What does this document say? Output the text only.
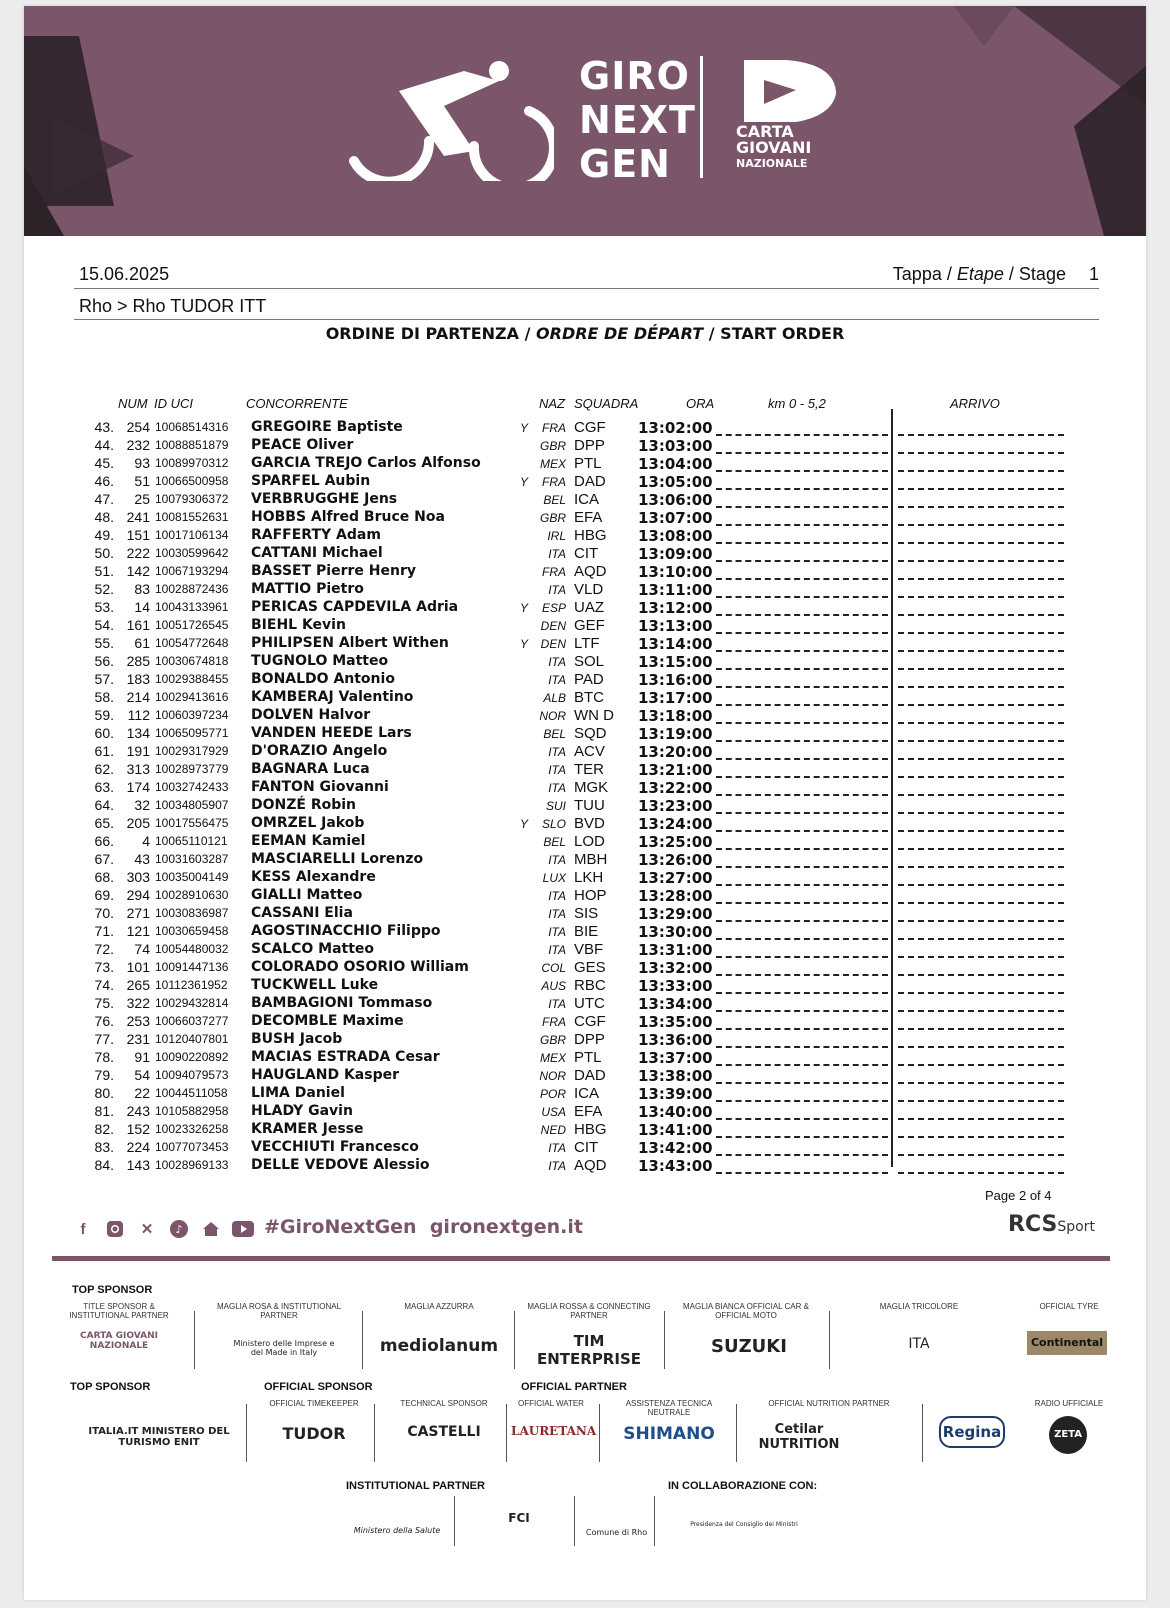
GIRO
NEXT
GEN
CARTA
GIOVANI
NAZIONALE
15.06.2025	Tappa / Etape / Stage 1
Rho > Rho TUDOR ITT
ORDINE DI PARTENZA / ORDRE DE DÉPART / START ORDER
NUM ID UCI	CONCORRENTE	NAZ SQUADRA	ORA	km 0 - 5,2	ARRIVO
43. 254 10068514316 GREGOIRE Baptiste	Y	FRA CGF 13:02:00
44. 232 10088851879 PEACE Oliver	GBR DPP 13:03:00
45.	93 10089970312 GARCIA TREJO Carlos Alfonso	MEX PTL 13:04:00
46.	51 10066500958 SPARFEL Aubin	Y	FRA DAD 13:05:00
47.	25 10079306372 VERBRUGGHE Jens	BEL ICA	13:06:00
48. 241 10081552631 HOBBS Alfred Bruce Noa	GBR EFA 13:07:00
49. 151 10017106134 RAFFERTY Adam	IRL HBG 13:08:00
50. 222 10030599642 CATTANI Michael	ITA CIT	13:09:00
51. 142 10067193294 BASSET Pierre Henry	FRA AQD 13:10:00
52.	83 10028872436 MATTIO Pietro	ITA VLD 13:11:00
53.	14 10043133961 PERICAS CAPDEVILA Adria	Y	ESP UAZ 13:12:00
54. 161 10051726545 BIEHL Kevin	DEN GEF 13:13:00
55.	61 10054772648 PHILIPSEN Albert Withen	Y	DEN LTF	13:14:00
56. 285 10030674818 TUGNOLO Matteo	ITA SOL 13:15:00
57. 183 10029388455 BONALDO Antonio	ITA PAD 13:16:00
58. 214 10029413616 KAMBERAJ Valentino	ALB BTC 13:17:00
59. 112 10060397234 DOLVEN Halvor	NOR WN D 13:18:00
60. 134 10065095771 VANDEN HEEDE Lars	BEL SQD 13:19:00
61. 191 10029317929 D'ORAZIO Angelo	ITA ACV 13:20:00
62. 313 10028973779 BAGNARA Luca	ITA TER 13:21:00
63. 174 10032742433 FANTON Giovanni	ITA MGK 13:22:00
64.	32 10034805907 DONZÉ Robin	SUI TUU 13:23:00
65. 205 10017556475 OMRZEL Jakob	Y	SLO BVD 13:24:00
66.	4 10065110121 EEMAN Kamiel	BEL LOD 13:25:00
67.	43 10031603287 MASCIARELLI Lorenzo	ITA MBH 13:26:00
68. 303 10035004149 KESS Alexandre	LUX LKH 13:27:00
69. 294 10028910630 GIALLI Matteo	ITA HOP 13:28:00
70. 271 10030836987 CASSANI Elia	ITA SIS	13:29:00
71. 121 10030659458 AGOSTINACCHIO Filippo	ITA BIE	13:30:00
72.	74 10054480032 SCALCO Matteo	ITA VBF 13:31:00
73. 101 10091447136 COLORADO OSORIO William	COL GES 13:32:00
74. 265 10112361952 TUCKWELL Luke	AUS RBC 13:33:00
75. 322 10029432814 BAMBAGIONI Tommaso	ITA UTC 13:34:00
76. 253 10066037277 DECOMBLE Maxime	FRA CGF 13:35:00
77. 231 10120407801 BUSH Jacob	GBR DPP 13:36:00
78.	91 10090220892 MACIAS ESTRADA Cesar	MEX PTL 13:37:00
79.	54 10094079573 HAUGLAND Kasper	NOR DAD 13:38:00
80.	22 10044511058 LIMA Daniel	POR ICA	13:39:00
81. 243 10105882958 HLADY Gavin	USA EFA 13:40:00
82. 152 10023326258 KRAMER Jesse	NED HBG 13:41:00
83. 224 10077073453 VECCHIUTI Francesco	ITA CIT	13:42:00
84. 143 10028969133 DELLE VEDOVE Alessio	ITA AQD 13:43:00
Page 2 of 4
f	✕	♪	#GiroNextGen gironextgen.it	RCSSport
TOP SPONSOR
TITLE SPONSOR & INSTITUTIONAL PARTNER
CARTA GIOVANI NAZIONALE
MAGLIA ROSA & INSTITUTIONAL PARTNER
Ministero delle Imprese e del Made in Italy
MAGLIA AZZURRA
mediolanum
MAGLIA ROSSA & CONNECTING PARTNER
TIM ENTERPRISE
MAGLIA BIANCA OFFICIAL CAR & OFFICIAL MOTO
SUZUKI
MAGLIA TRICOLORE
ITA
OFFICIAL TYRE
Continental
TOP SPONSOR	OFFICIAL SPONSOR	OFFICIAL PARTNER
ITALIA.IT MINISTERO DEL TURISMO ENIT
OFFICIAL TIMEKEEPER
TUDOR
TECHNICAL SPONSOR
CASTELLI
OFFICIAL WATER
LAURETANA
ASSISTENZA TECNICA NEUTRALE
SHIMANO
OFFICIAL NUTRITION PARTNER
Cetilar NUTRITION
Regina
RADIO UFFICIALE
ZETA
INSTITUTIONAL PARTNER	IN COLLABORAZIONE CON:
Ministero della Salute
FCI
Comune di Rho
Presidenza del Consiglio dei Ministri
